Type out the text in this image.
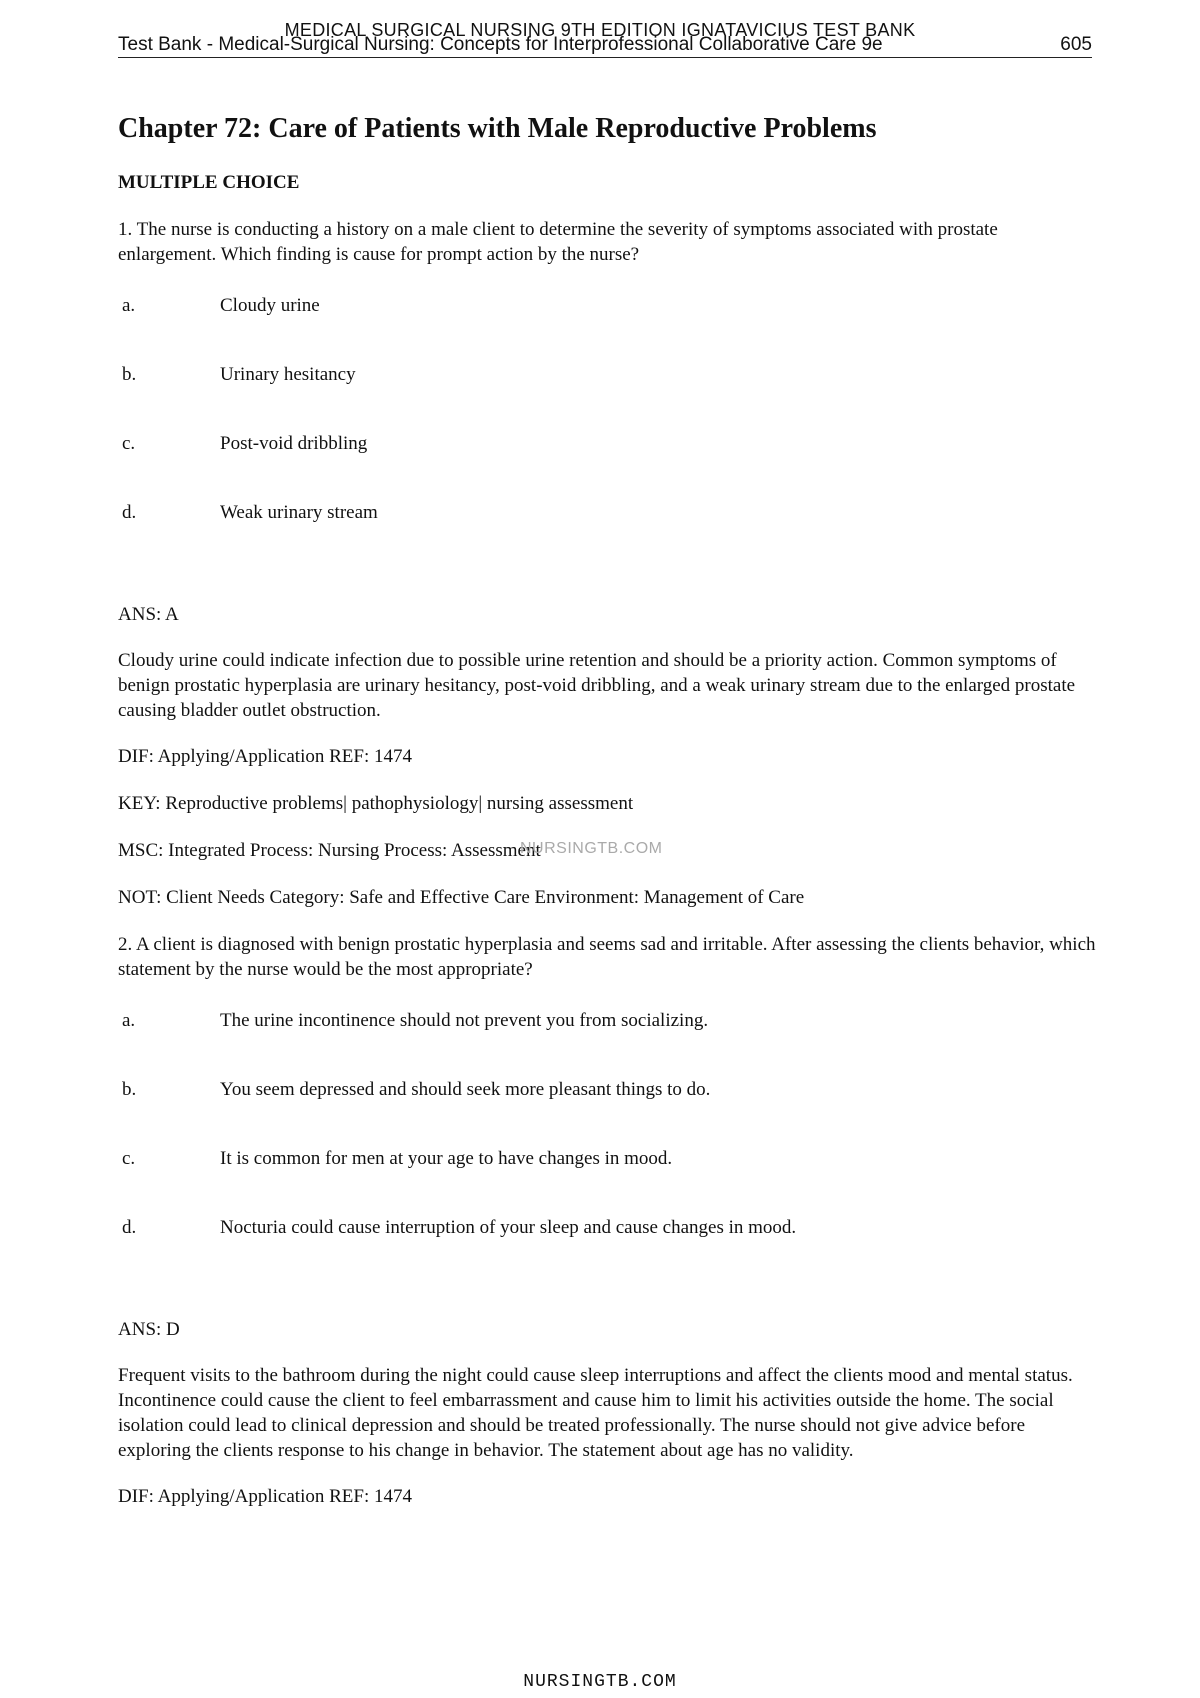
MEDICAL SURGICAL NURSING 9TH EDITION IGNATAVICIUS TEST BANK
Test Bank - Medical-Surgical Nursing: Concepts for Interprofessional Collaborative Care 9e	605
Chapter 72: Care of Patients with Male Reproductive Problems
MULTIPLE CHOICE

1. The nurse is conducting a history on a male client to determine the severity of symptoms associated with prostate enlargement. Which finding is cause for prompt action by the nurse?

a.	Cloudy urine
b.	Urinary hesitancy
c.	Post-void dribbling
d.	Weak urinary stream

ANS: A

Cloudy urine could indicate infection due to possible urine retention and should be a priority action. Common symptoms of benign prostatic hyperplasia are urinary hesitancy, post-void dribbling, and a weak urinary stream due to the enlarged prostate causing bladder outlet obstruction.

DIF: Applying/Application REF: 1474

KEY: Reproductive problems| pathophysiology| nursing assessment

MSC: Integrated Process: Nursing Process: Assessment

NOT: Client Needs Category: Safe and Effective Care Environment: Management of Care

2. A client is diagnosed with benign prostatic hyperplasia and seems sad and irritable. After assessing the clients behavior, which statement by the nurse would be the most appropriate?

a.	The urine incontinence should not prevent you from socializing.
b.	You seem depressed and should seek more pleasant things to do.
c.	It is common for men at your age to have changes in mood.
d.	Nocturia could cause interruption of your sleep and cause changes in mood.

ANS: D

Frequent visits to the bathroom during the night could cause sleep interruptions and affect the clients mood and mental status. Incontinence could cause the client to feel embarrassment and cause him to limit his activities outside the home. The social isolation could lead to clinical depression and should be treated professionally. The nurse should not give advice before exploring the clients response to his change in behavior. The statement about age has no validity.

DIF: Applying/Application REF: 1474

NURSINGTB.COM
NURSINGTB.COM
